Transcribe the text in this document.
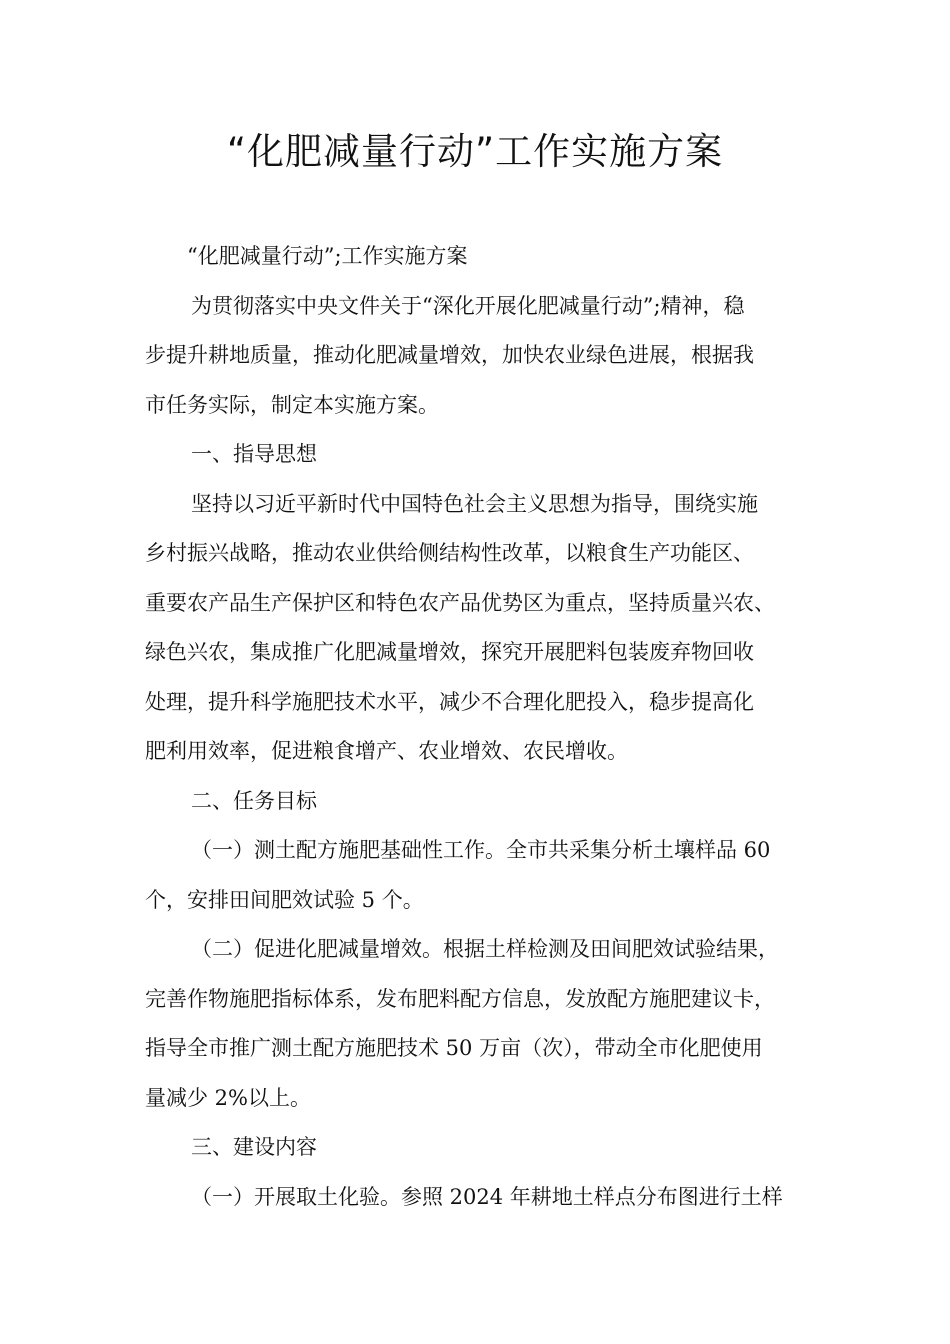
“化肥减量行动”工作实施方案

“化肥减量行动”;工作实施方案

为贯彻落实中央文件关于“深化开展化肥减量行动”;精神，稳
步提升耕地质量，推动化肥减量增效，加快农业绿色进展，根据我
市任务实际，制定本实施方案。
一、指导思想
坚持以习近平新时代中国特色社会主义思想为指导，围绕实施
乡村振兴战略，推动农业供给侧结构性改革，以粮食生产功能区、
重要农产品生产保护区和特色农产品优势区为重点，坚持质量兴农、
绿色兴农，集成推广化肥减量增效，探究开展肥料包装废弃物回收
处理，提升科学施肥技术水平，减少不合理化肥投入，稳步提高化
肥利用效率，促进粮食增产、农业增效、农民增收。
二、任务目标
（一）测土配方施肥基础性工作。全市共采集分析土壤样品 60
个，安排田间肥效试验 5 个。
（二）促进化肥减量增效。根据土样检测及田间肥效试验结果，
完善作物施肥指标体系，发布肥料配方信息，发放配方施肥建议卡，
指导全市推广测土配方施肥技术 50 万亩（次），带动全市化肥使用
量减少 2%以上。
三、建设内容
（一）开展取土化验。参照 2024 年耕地土样点分布图进行土样
